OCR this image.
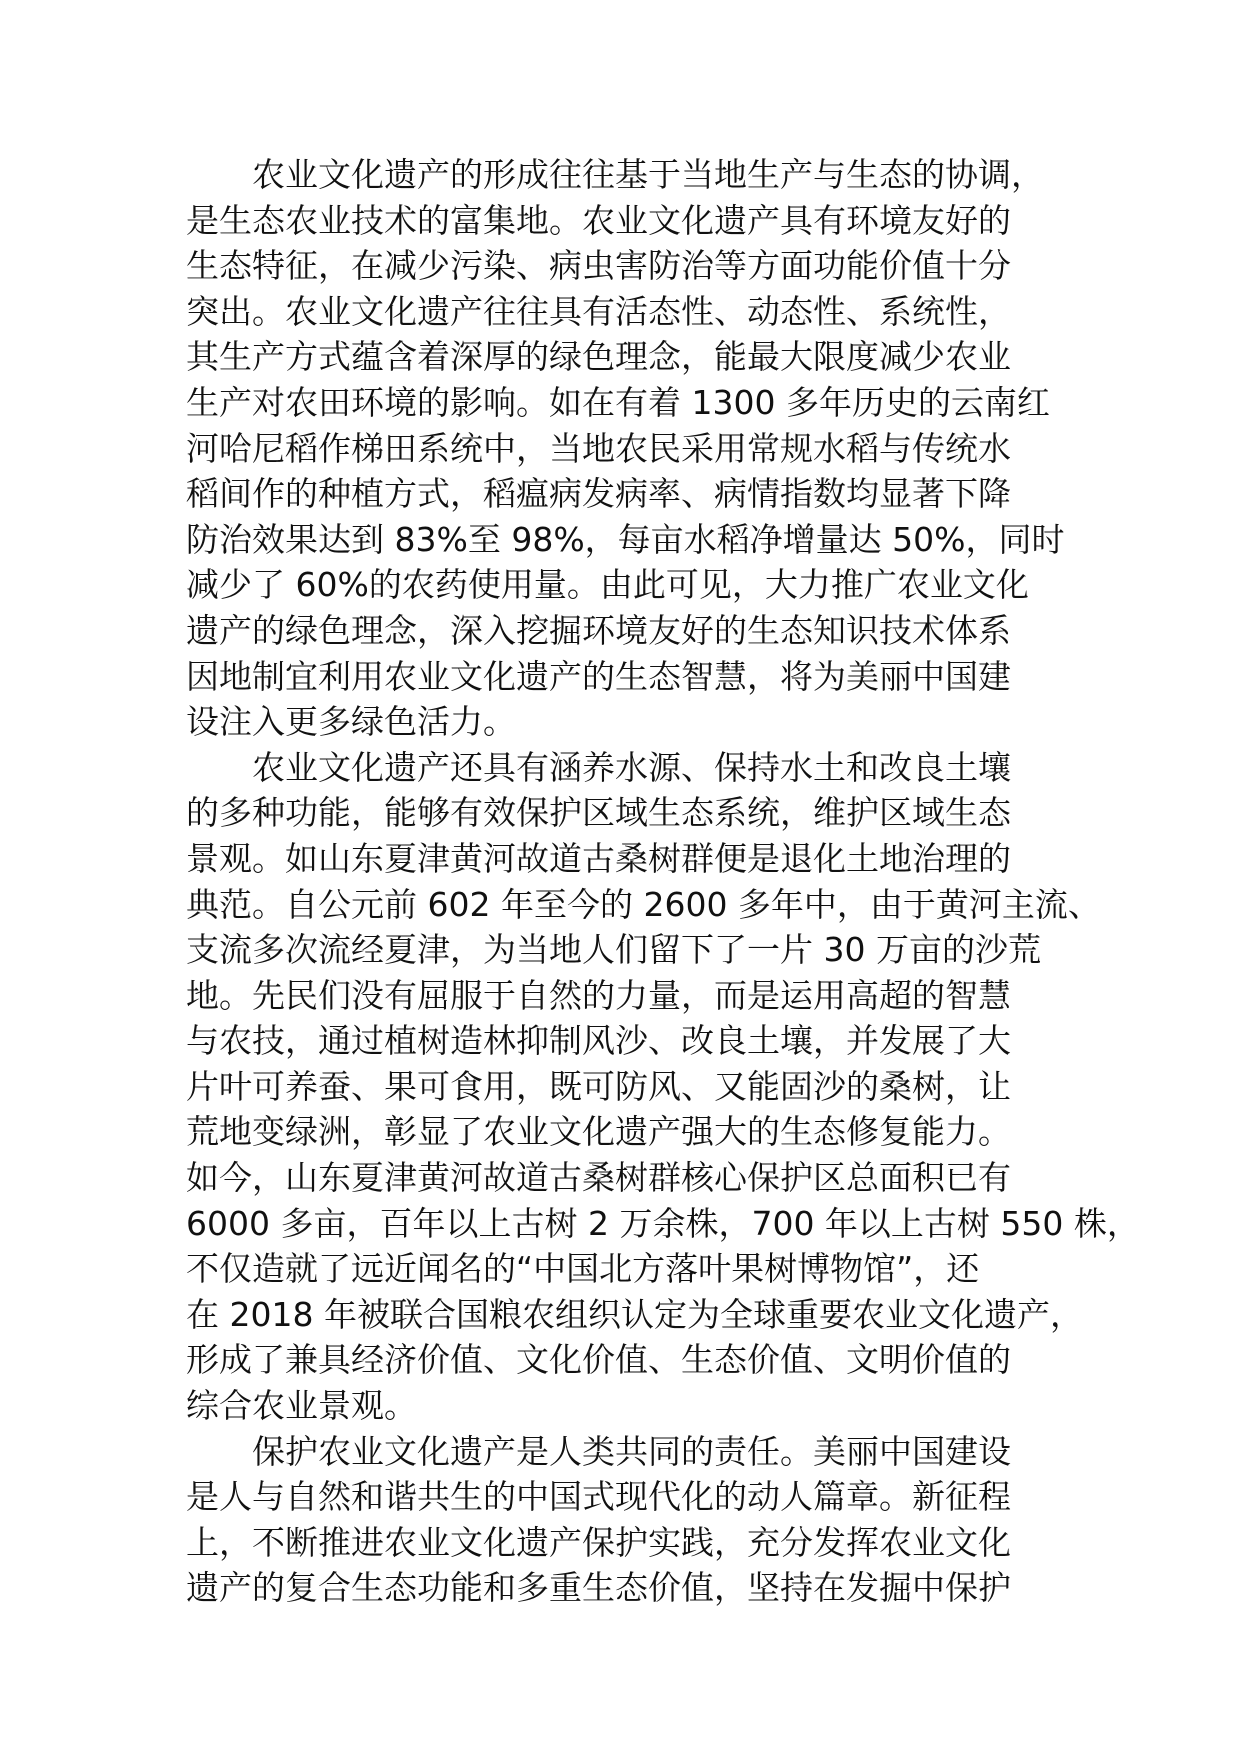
农业文化遗产的形成往往基于当地生产与生态的协调，
是生态农业技术的富集地。农业文化遗产具有环境友好的
生态特征，在减少污染、病虫害防治等方面功能价值十分
突出。农业文化遗产往往具有活态性、动态性、系统性，
其生产方式蕴含着深厚的绿色理念，能最大限度减少农业
生产对农田环境的影响。如在有着 1300 多年历史的云南红
河哈尼稻作梯田系统中，当地农民采用常规水稻与传统水
稻间作的种植方式，稻瘟病发病率、病情指数均显著下降
防治效果达到 83%至 98%，每亩水稻净增量达 50%，同时
减少了 60%的农药使用量。由此可见，大力推广农业文化
遗产的绿色理念，深入挖掘环境友好的生态知识技术体系
因地制宜利用农业文化遗产的生态智慧，将为美丽中国建
设注入更多绿色活力。
农业文化遗产还具有涵养水源、保持水土和改良土壤
的多种功能，能够有效保护区域生态系统，维护区域生态
景观。如山东夏津黄河故道古桑树群便是退化土地治理的
典范。自公元前 602 年至今的 2600 多年中，由于黄河主流、
支流多次流经夏津，为当地人们留下了一片 30 万亩的沙荒
地。先民们没有屈服于自然的力量，而是运用高超的智慧
与农技，通过植树造林抑制风沙、改良土壤，并发展了大
片叶可养蚕、果可食用，既可防风、又能固沙的桑树，让
荒地变绿洲，彰显了农业文化遗产强大的生态修复能力。
如今，山东夏津黄河故道古桑树群核心保护区总面积已有
6000 多亩，百年以上古树 2 万余株，700 年以上古树 550 株，
不仅造就了远近闻名的“中国北方落叶果树博物馆”，还
在 2018 年被联合国粮农组织认定为全球重要农业文化遗产，
形成了兼具经济价值、文化价值、生态价值、文明价值的
综合农业景观。
保护农业文化遗产是人类共同的责任。美丽中国建设
是人与自然和谐共生的中国式现代化的动人篇章。新征程
上，不断推进农业文化遗产保护实践，充分发挥农业文化
遗产的复合生态功能和多重生态价值，坚持在发掘中保护
